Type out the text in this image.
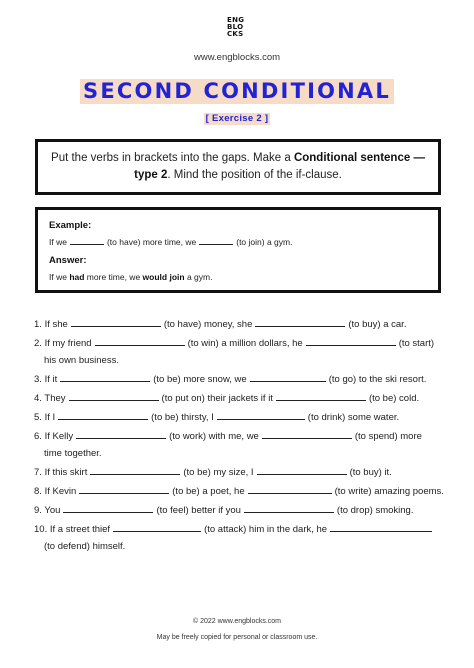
ENG
BLO
CKS
www.engblocks.com
SECOND CONDITIONAL
[ Exercise 2 ]
Put the verbs in brackets into the gaps. Make a Conditional sentence — type 2. Mind the position of the if-clause.
Example:
If we	(to have) more time, we	(to join) a gym.
Answer:
If we had more time, we would join a gym.
1. If she	(to have) money, she	(to buy) a car.
2. If my friend	(to win) a million dollars, he	(to start)
his own business.
3. If it	(to be) more snow, we	(to go) to the ski resort.
4. They	(to put on) their jackets if it	(to be) cold.
5. If I	(to be) thirsty, I	(to drink) some water.
6. If Kelly	(to work) with me, we	(to spend) more
time together.
7. If this skirt	(to be) my size, I	(to buy) it.
8. If Kevin	(to be) a poet, he	(to write) amazing poems.
9. You	(to feel) better if you	(to drop) smoking.
10. If a street thief	(to attack) him in the dark, he
(to defend) himself.
© 2022 www.engblocks.com
May be freely copied for personal or classroom use.
